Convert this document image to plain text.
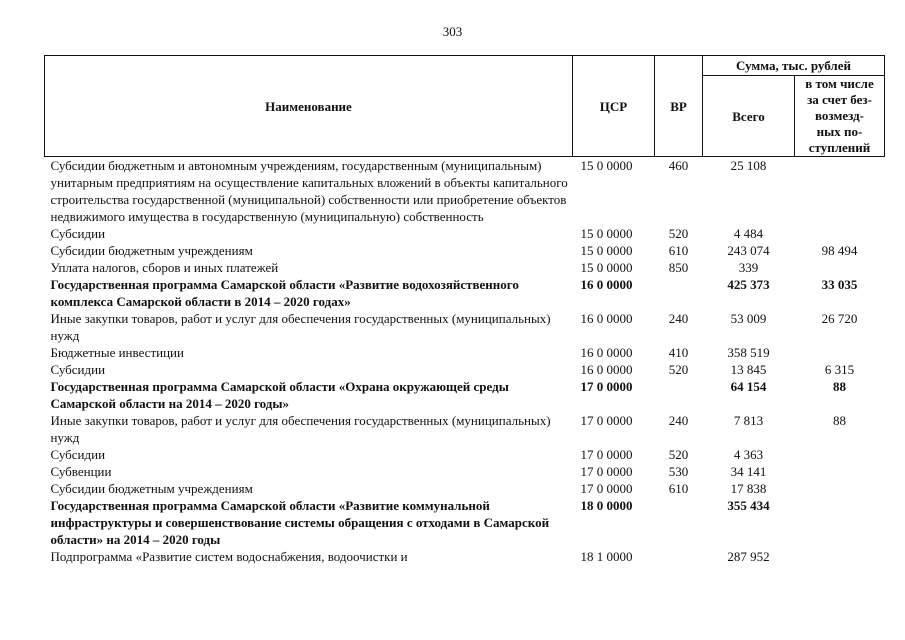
303
Наименование	ЦСР	ВР	Сумма, тыс. рублей	
			Всего	в том числе
за счет без-
возмезд-
ных по-
ступлений
Субсидии бюджетным и автономным учреждениям, государственным (муниципальным) унитарным предприятиям на осуществление капитальных вложений в объекты капитального строительства государственной (муниципальной) собственности или приобретение объектов недвижимого имущества в государственную (муниципальную) собственность	15 0 0000	460	25 108	
Субсидии	15 0 0000	520	4 484	
Субсидии бюджетным учреждениям	15 0 0000	610	243 074	98 494
Уплата налогов, сборов и иных платежей	15 0 0000	850	339	
Государственная программа Самарской области «Развитие водохозяйственного комплекса Самарской области в 2014 – 2020 годах»	16 0 0000		425 373	33 035
Иные закупки товаров, работ и услуг для обеспечения государственных (муниципальных) нужд	16 0 0000	240	53 009	26 720
Бюджетные инвестиции	16 0 0000	410	358 519	
Субсидии	16 0 0000	520	13 845	6 315
Государственная программа Самарской области «Охрана окружающей среды Самарской области на 2014 – 2020 годы»	17 0 0000		64 154	88
Иные закупки товаров, работ и услуг для обеспечения государственных (муниципальных) нужд	17 0 0000	240	7 813	88
Субсидии	17 0 0000	520	4 363	
Субвенции	17 0 0000	530	34 141	
Субсидии бюджетным учреждениям	17 0 0000	610	17 838	
Государственная программа Самарской области «Развитие коммунальной инфраструктуры и совершенствование системы обращения с отходами в Самарской области» на 2014 – 2020 годы	18 0 0000		355 434	
Подпрограмма «Развитие систем водоснабжения, водоочистки и	18 1 0000		287 952	
